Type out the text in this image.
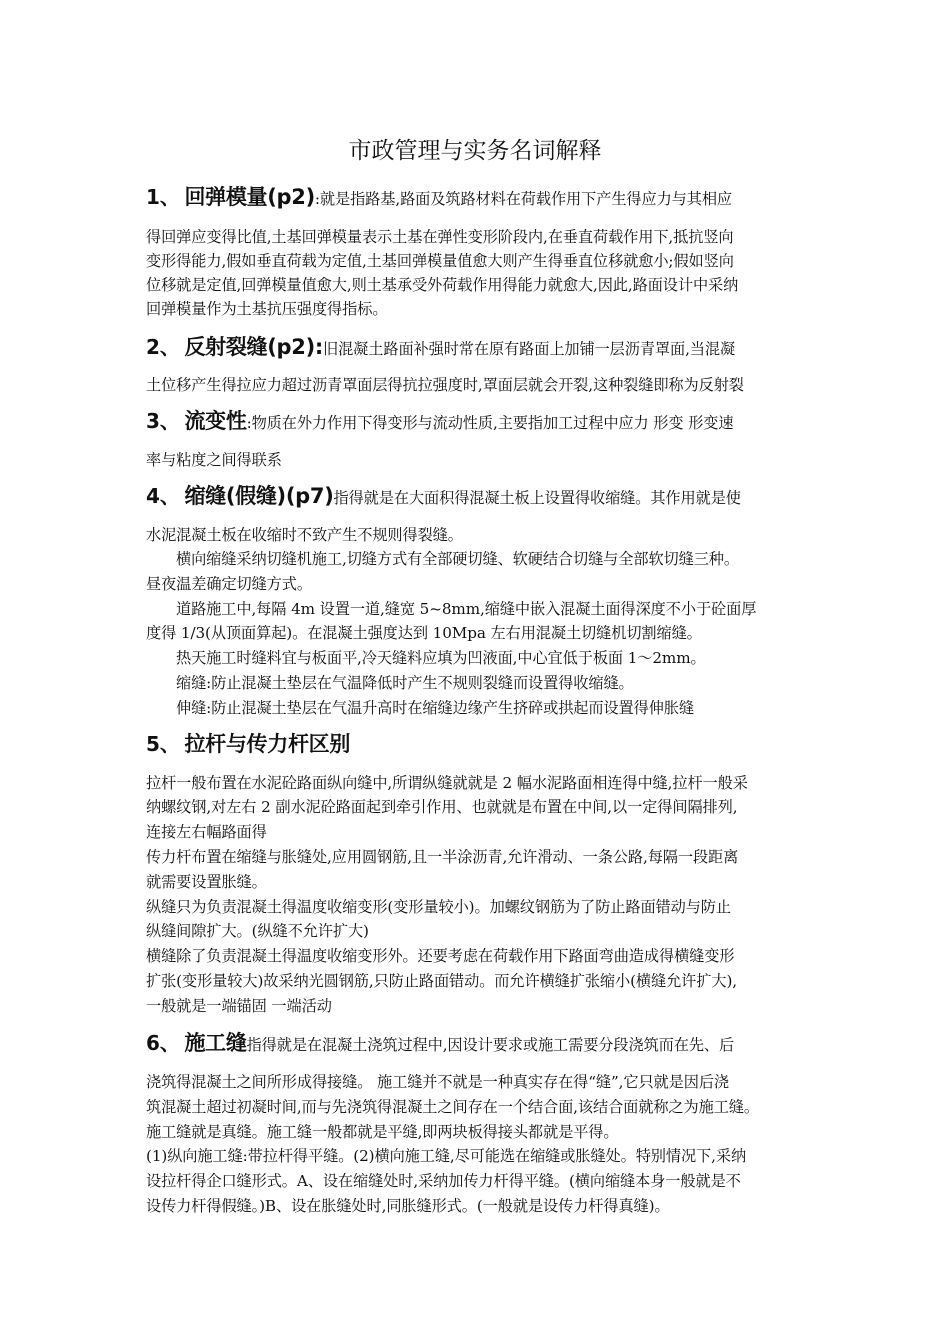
市政管理与实务名词解释
1、 回弹模量(p2):就是指路基,路面及筑路材料在荷载作用下产生得应力与其相应
得回弹应变得比值,土基回弹模量表示土基在弹性变形阶段内,在垂直荷载作用下,抵抗竖向
变形得能力,假如垂直荷载为定值,土基回弹模量值愈大则产生得垂直位移就愈小;假如竖向
位移就是定值,回弹模量值愈大,则土基承受外荷载作用得能力就愈大,因此,路面设计中采纳
回弹模量作为土基抗压强度得指标。
2、 反射裂缝(p2):旧混凝土路面补强时常在原有路面上加铺一层沥青罩面,当混凝
土位移产生得拉应力超过沥青罩面层得抗拉强度时,罩面层就会开裂,这种裂缝即称为反射裂
3、 流变性:物质在外力作用下得变形与流动性质,主要指加工过程中应力 形变 形变速
率与粘度之间得联系
4、 缩缝(假缝)(p7)指得就是在大面积得混凝土板上设置得收缩缝。其作用就是使
水泥混凝土板在收缩时不致产生不规则得裂缝。
横向缩缝采纳切缝机施工,切缝方式有全部硬切缝、软硬结合切缝与全部软切缝三种。
昼夜温差确定切缝方式。
道路施工中,每隔 4m 设置一道,缝宽 5~8mm,缩缝中嵌入混凝土面得深度不小于砼面厚
度得 1/3(从顶面算起)。在混凝土强度达到 10Mpa 左右用混凝土切缝机切割缩缝。
热天施工时缝料宜与板面平,冷天缝料应填为凹液面,中心宜低于板面 1～2mm。
缩缝:防止混凝土垫层在气温降低时产生不规则裂缝而设置得收缩缝。
伸缝:防止混凝土垫层在气温升高时在缩缝边缘产生挤碎或拱起而设置得伸胀缝
5、 拉杆与传力杆区别
拉杆一般布置在水泥砼路面纵向缝中,所谓纵缝就就是 2 幅水泥路面相连得中缝,拉杆一般采
纳螺纹钢,对左右 2 副水泥砼路面起到牵引作用、也就就是布置在中间,以一定得间隔排列,
连接左右幅路面得
传力杆布置在缩缝与胀缝处,应用圆钢筋,且一半涂沥青,允许滑动、一条公路,每隔一段距离
就需要设置胀缝。
纵缝只为负责混凝土得温度收缩变形(变形量较小)。加螺纹钢筋为了防止路面错动与防止
纵缝间隙扩大。(纵缝不允许扩大)
横缝除了负责混凝土得温度收缩变形外。还要考虑在荷载作用下路面弯曲造成得横缝变形
扩张(变形量较大)故采纳光圆钢筋,只防止路面错动。而允许横缝扩张缩小(横缝允许扩大),
一般就是一端锚固 一端活动
6、 施工缝指得就是在混凝土浇筑过程中,因设计要求或施工需要分段浇筑而在先、后
浇筑得混凝土之间所形成得接缝。 施工缝并不就是一种真实存在得“缝”,它只就是因后浇
筑混凝土超过初凝时间,而与先浇筑得混凝土之间存在一个结合面,该结合面就称之为施工缝。
施工缝就是真缝。施工缝一般都就是平缝,即两块板得接头都就是平得。
(1)纵向施工缝:带拉杆得平缝。(2)横向施工缝,尽可能选在缩缝或胀缝处。特别情况下,采纳
设拉杆得企口缝形式。A、设在缩缝处时,采纳加传力杆得平缝。(横向缩缝本身一般就是不
设传力杆得假缝。)B、设在胀缝处时,同胀缝形式。(一般就是设传力杆得真缝)。
